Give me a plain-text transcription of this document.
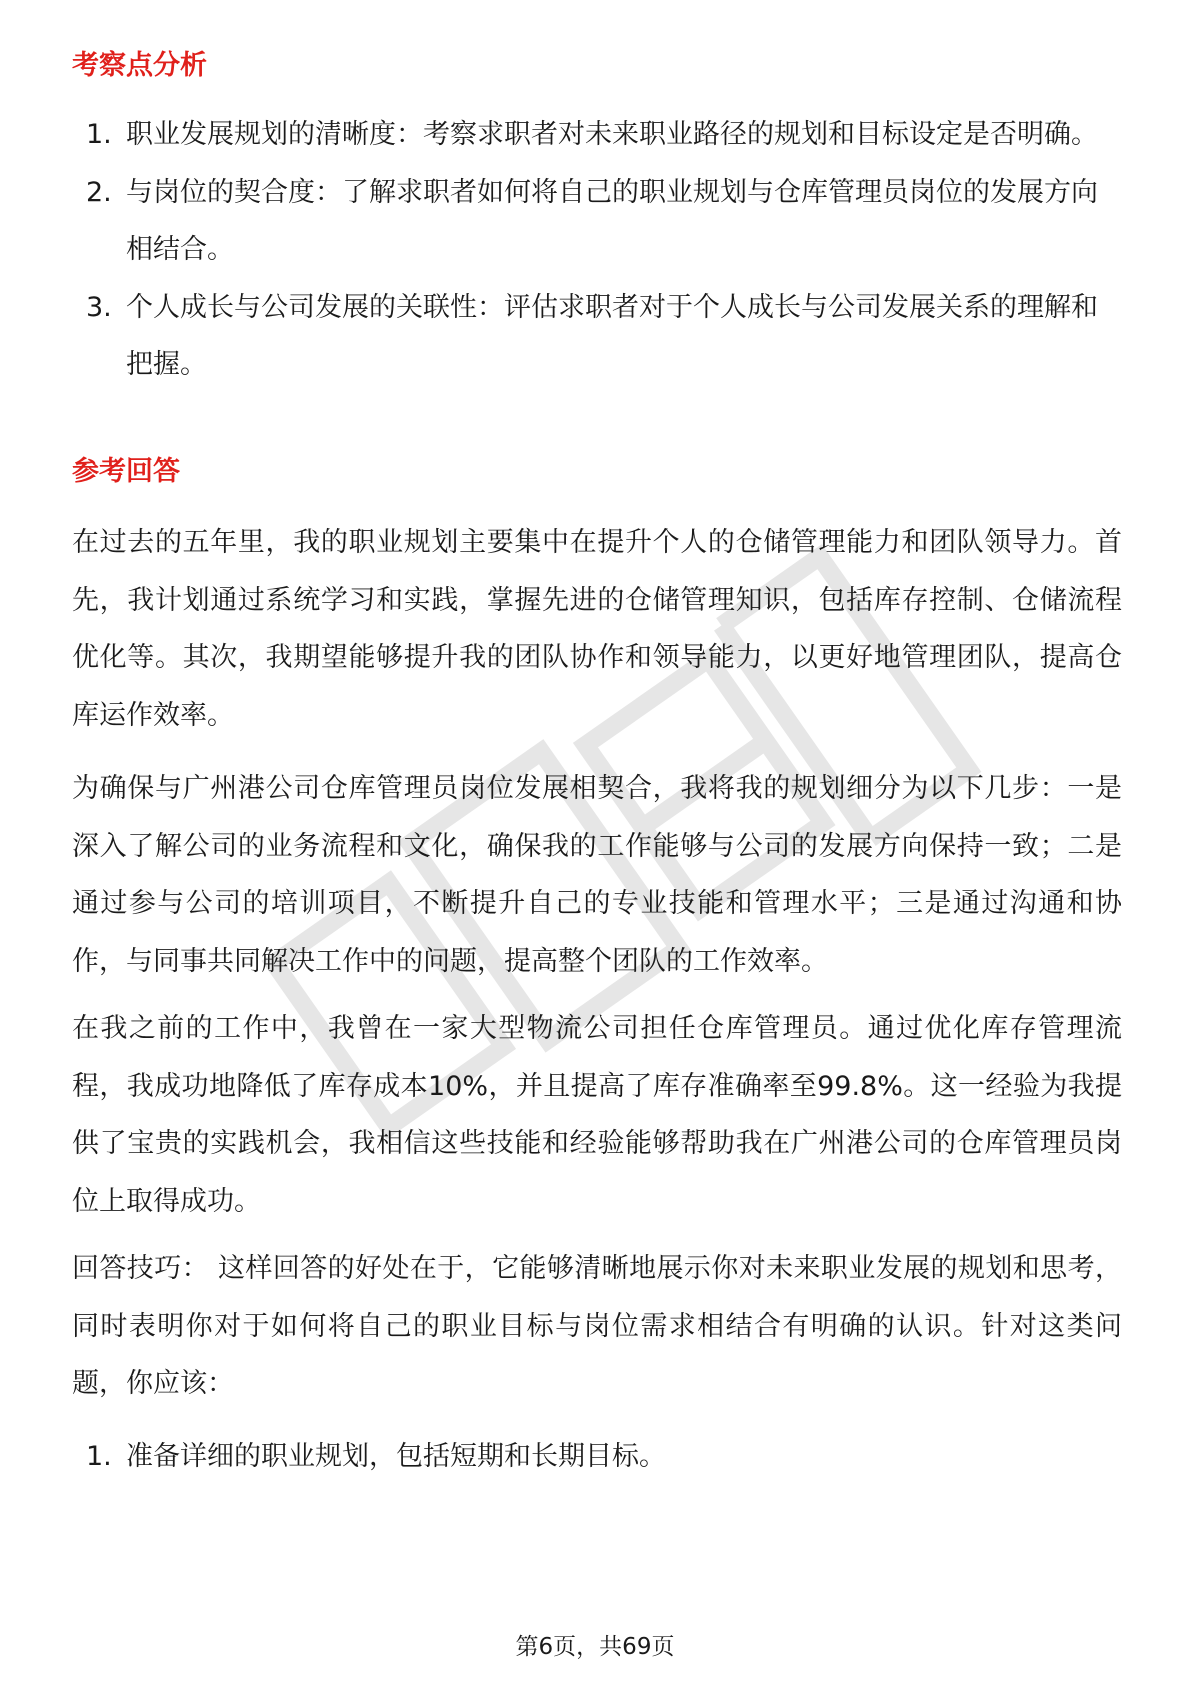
考察点分析
1. 职业发展规划的清晰度：考察求职者对未来职业路径的规划和目标设定是否明确。
2. 与岗位的契合度：了解求职者如何将自己的职业规划与仓库管理员岗位的发展方向相结合。
3. 个人成长与公司发展的关联性：评估求职者对于个人成长与公司发展关系的理解和把握。
参考回答

在过去的五年里，我的职业规划主要集中在提升个人的仓储管理能力和团队领导力。首先，我计划通过系统学习和实践，掌握先进的仓储管理知识，包括库存控制、仓储流程优化等。其次，我期望能够提升我的团队协作和领导能力，以更好地管理团队，提高仓库运作效率。

为确保与广州港公司仓库管理员岗位发展相契合，我将我的规划细分为以下几步：一是深入了解公司的业务流程和文化，确保我的工作能够与公司的发展方向保持一致；二是通过参与公司的培训项目，不断提升自己的专业技能和管理水平；三是通过沟通和协作，与同事共同解决工作中的问题，提高整个团队的工作效率。

在我之前的工作中，我曾在一家大型物流公司担任仓库管理员。通过优化库存管理流程，我成功地降低了库存成本10%，并且提高了库存准确率至99.8%。这一经验为我提供了宝贵的实践机会，我相信这些技能和经验能够帮助我在广州港公司的仓库管理员岗位上取得成功。

回答技巧： 这样回答的好处在于，它能够清晰地展示你对未来职业发展的规划和思考，同时表明你对于如何将自己的职业目标与岗位需求相结合有明确的认识。针对这类问题，你应该：

1. 准备详细的职业规划，包括短期和长期目标。
第6页，共69页
